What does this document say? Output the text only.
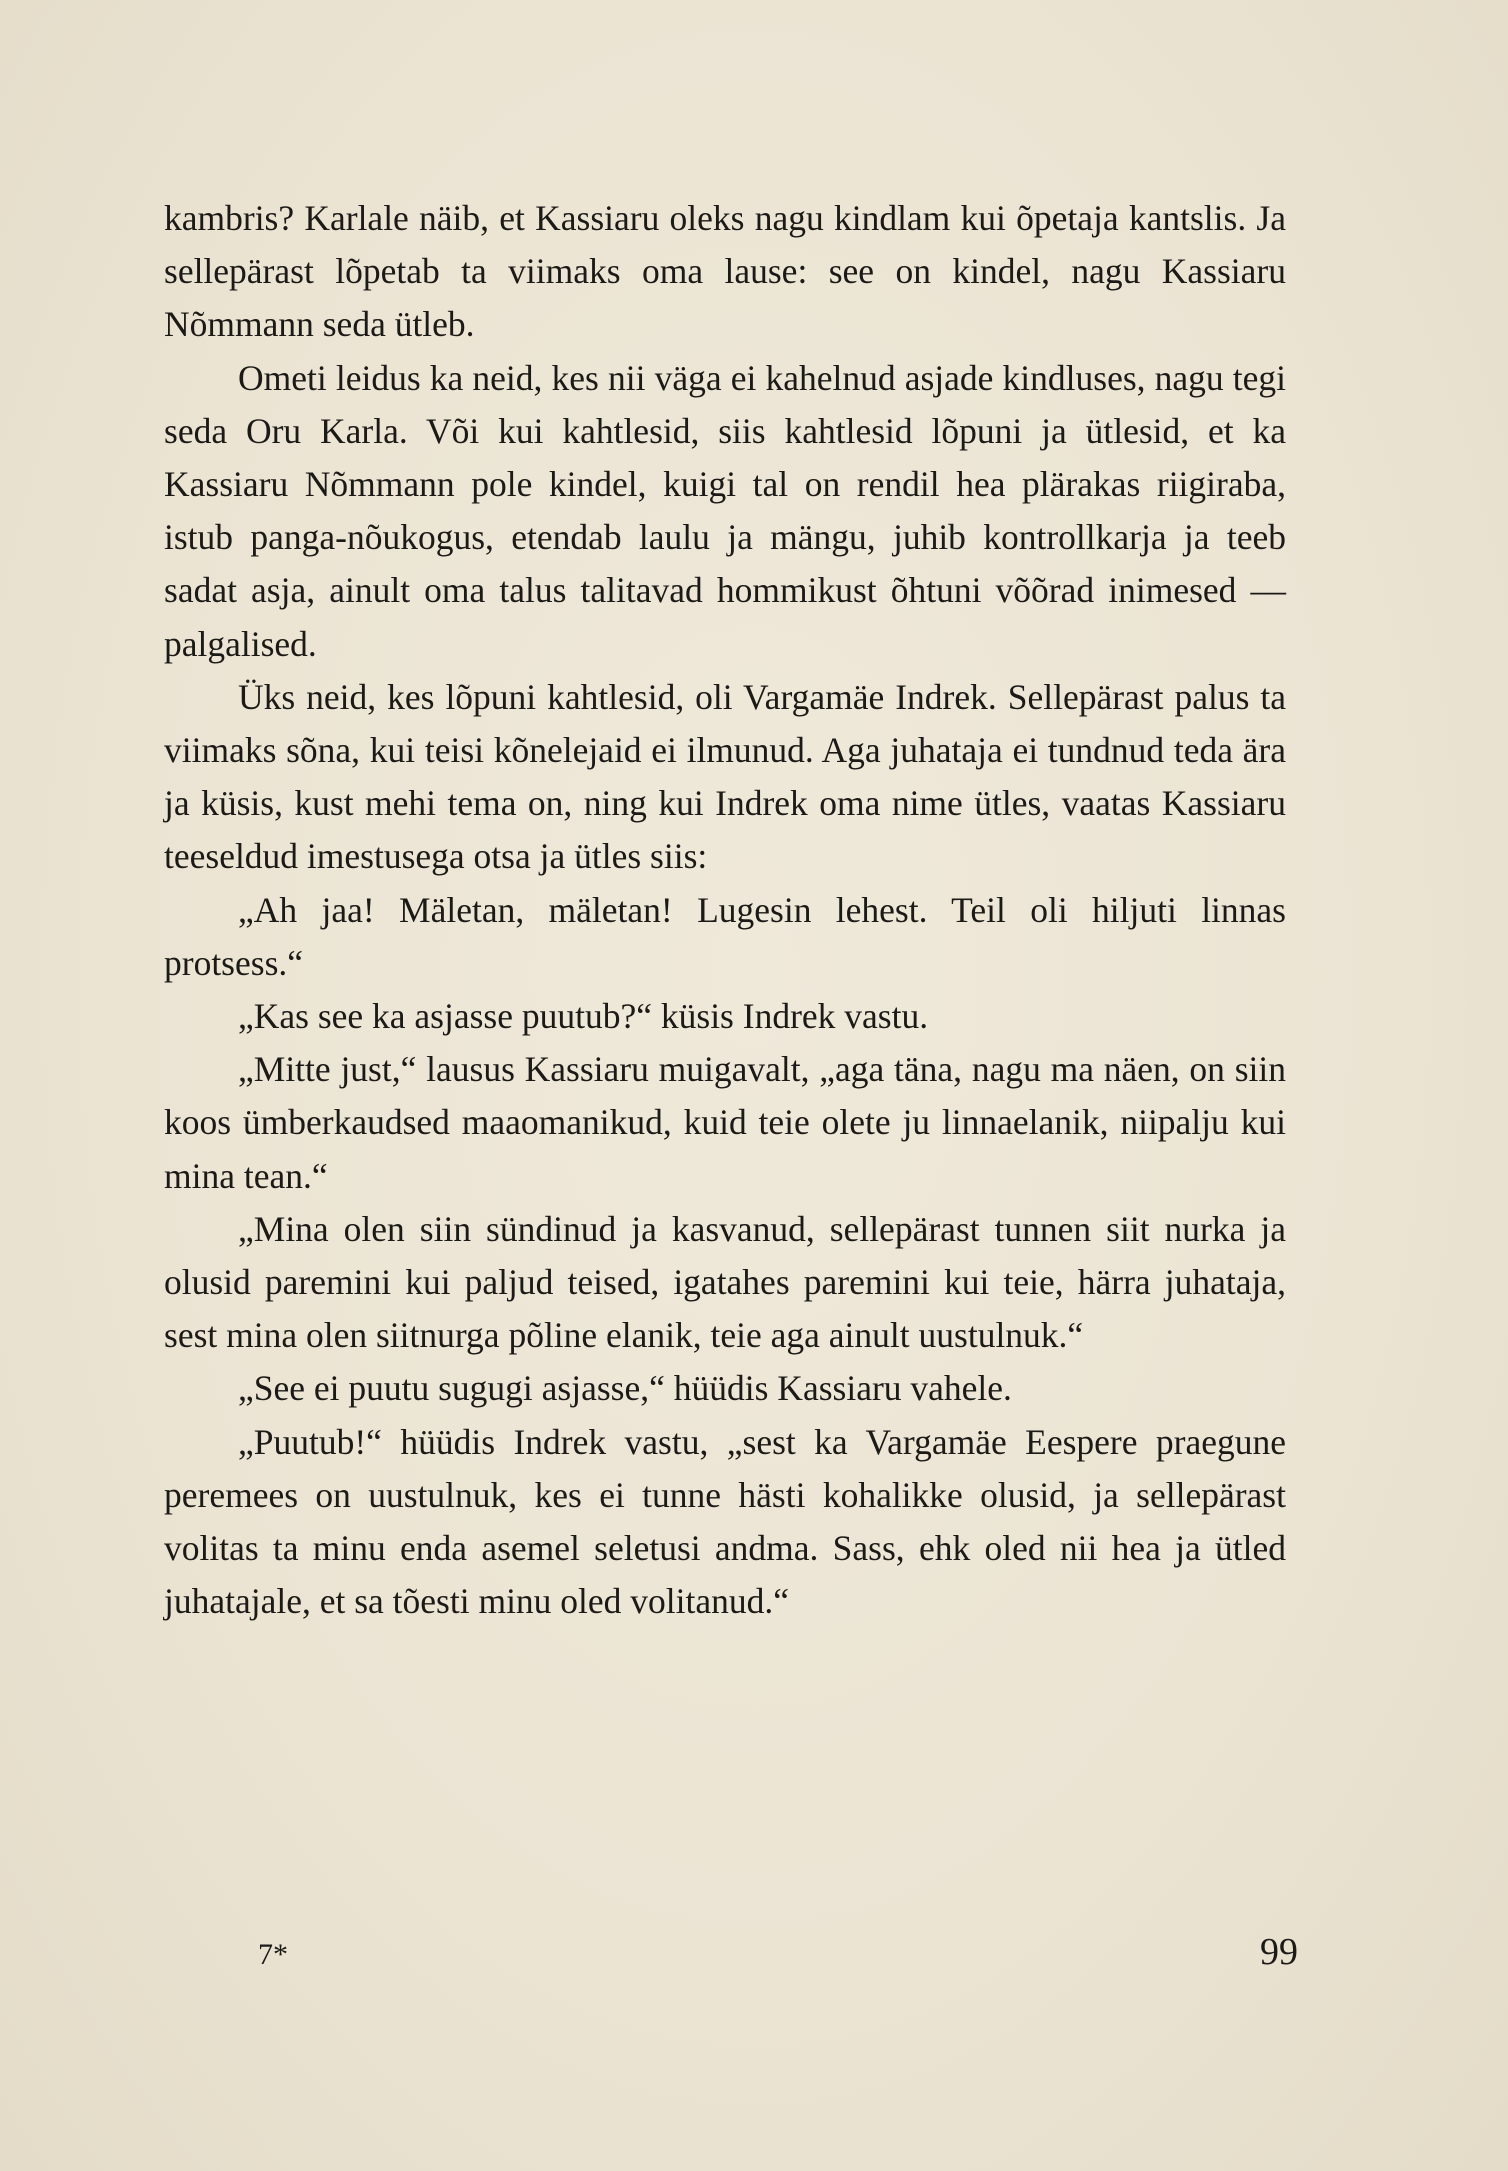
kambris? Karlale näib, et Kassiaru oleks nagu kindlam kui õpetaja kantslis. Ja sellepärast lõpetab ta viimaks oma lause: see on kindel, nagu Kassiaru Nõmmann seda ütleb.

Ometi leidus ka neid, kes nii väga ei kahelnud asjade kindluses, nagu tegi seda Oru Karla. Või kui kahtlesid, siis kahtlesid lõpuni ja ütlesid, et ka Kassiaru Nõmmann pole kindel, kuigi tal on rendil hea plärakas riigiraba, istub panga-nõukogus, etendab laulu ja mängu, juhib kontrollkarja ja teeb sadat asja, ainult oma talus talitavad hommikust õhtuni võõrad inimesed — palgalised.

Üks neid, kes lõpuni kahtlesid, oli Vargamäe Indrek. Sellepärast palus ta viimaks sõna, kui teisi kõnelejaid ei ilmunud. Aga juhataja ei tundnud teda ära ja küsis, kust mehi tema on, ning kui Indrek oma nime ütles, vaatas Kassiaru teeseldud imestusega otsa ja ütles siis:

„Ah jaa! Mäletan, mäletan! Lugesin lehest. Teil oli hiljuti linnas protsess.“

„Kas see ka asjasse puutub?“ küsis Indrek vastu.

„Mitte just,“ lausus Kassiaru muigavalt, „aga täna, nagu ma näen, on siin koos ümberkaudsed maaomanikud, kuid teie olete ju linnaelanik, niipalju kui mina tean.“

„Mina olen siin sündinud ja kasvanud, sellepärast tunnen siit nurka ja olusid paremini kui paljud teised, igatahes paremini kui teie, härra juhataja, sest mina olen siitnurga põline elanik, teie aga ainult uustulnuk.“

„See ei puutu sugugi asjasse,“ hüüdis Kassiaru vahele.

„Puutub!“ hüüdis Indrek vastu, „sest ka Vargamäe Eespere praegune peremees on uustulnuk, kes ei tunne hästi kohalikke olusid, ja sellepärast volitas ta minu enda asemel seletusi andma. Sass, ehk oled nii hea ja ütled juhatajale, et sa tõesti minu oled volitanud.“

7*	99
